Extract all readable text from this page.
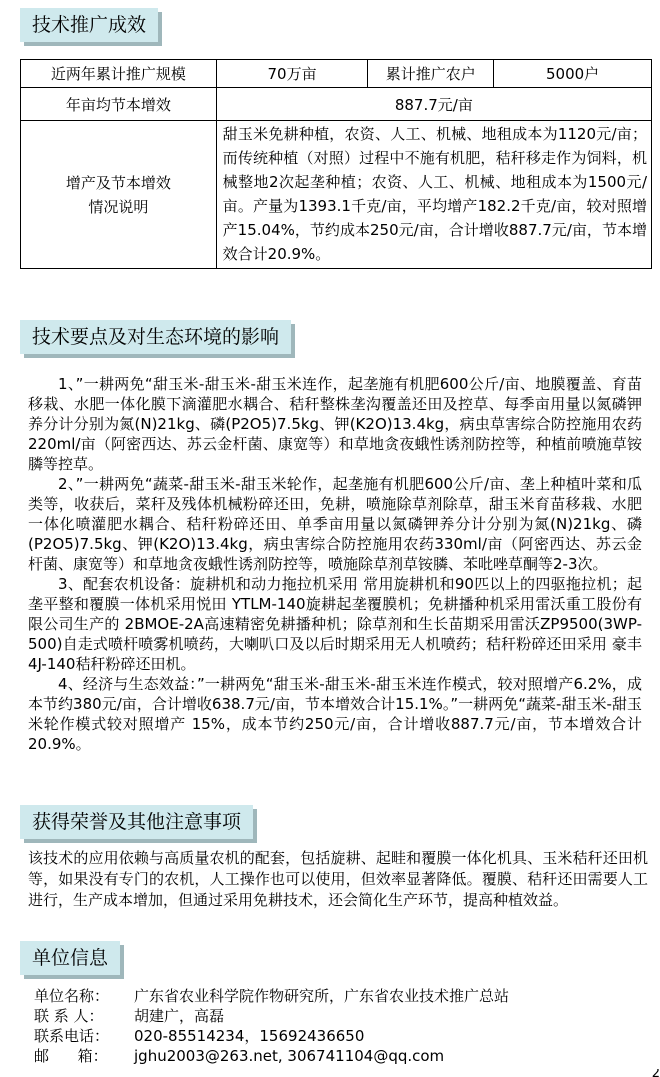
技术推广成效
近两年累计推广规模	70万亩	累计推广农户	5000户
年亩均节本增效	887.7元/亩		

增产及节本增效
情况说明	甜玉米免耕种植，农资、人工、机械、地租成本为1120元/亩；而传统种植（对照）过程中不施有机肥，秸秆移走作为饲料，机械整地2次起垄种植；农资、人工、机械、地租成本为1500元/亩。产量为1393.1千克/亩，平均增产182.2千克/亩，较对照增产15.04%，节约成本250元/亩，合计增收887.7元/亩，节本增效合计20.9%。		
技术要点及对生态环境的影响

1、”一耕两免“甜玉米-甜玉米-甜玉米连作，起垄施有机肥600公斤/亩、地膜覆盖、育苗移栽、水肥一体化膜下滴灌肥水耦合、秸秆整株垄沟覆盖还田及控草、每季亩用量以氮磷钾养分计分别为氮(N)21kg、磷(P2O5)7.5kg、钾(K2O)13.4kg，病虫草害综合防控施用农药220ml/亩（阿密西达、苏云金杆菌、康宽等）和草地贪夜蛾性诱剂防控等，种植前喷施草铵膦等控草。

2、”一耕两免“蔬菜-甜玉米-甜玉米轮作，起垄施有机肥600公斤/亩、垄上种植叶菜和瓜类等，收获后，菜秆及残体机械粉碎还田，免耕，喷施除草剂除草，甜玉米育苗移栽、水肥一体化喷灌肥水耦合、秸秆粉碎还田、单季亩用量以氮磷钾养分计分别为氮(N)21kg、磷(P2O5)7.5kg、钾(K2O)13.4kg，病虫害综合防控施用农药330ml/亩（阿密西达、苏云金杆菌、康宽等）和草地贪夜蛾性诱剂防控等，喷施除草剂草铵膦、苯吡唑草酮等2-3次。

3、配套农机设备：旋耕机和动力拖拉机采用 常用旋耕机和90匹以上的四驱拖拉机；起垄平整和覆膜一体机采用悦田 YTLM-140旋耕起垄覆膜机；免耕播种机采用雷沃重工股份有限公司生产的 2BMOE-2A高速精密免耕播种机；除草剂和生长苗期采用雷沃ZP9500(3WP-500)自走式喷杆喷雾机喷药，大喇叭口及以后时期采用无人机喷药；秸秆粉碎还田采用 豪丰4J-140秸秆粉碎还田机。

4、经济与生态效益：”一耕两免“甜玉米-甜玉米-甜玉米连作模式，较对照增产6.2%，成本节约380元/亩，合计增收638.7元/亩，节本增效合计15.1%。”一耕两免“蔬菜-甜玉米-甜玉米轮作模式较对照增产 15%，成本节约250元/亩，合计增收887.7元/亩，节本增效合计20.9%。

获得荣誉及其他注意事项
该技术的应用依赖与高质量农机的配套，包括旋耕、起畦和覆膜一体化机具、玉米秸秆还田机等，如果没有专门的农机，人工操作也可以使用，但效率显著降低。覆膜、秸秆还田需要人工进行，生产成本增加，但通过采用免耕技术，还会简化生产环节，提高种植效益。
单位信息
单位名称： 广东省农业科学院作物研究所，广东省农业技术推广总站
联 系 人： 胡建广，高磊
联系电话： 020-85514234，15692436650
邮      箱： jghu2003@263.net, 306741104@qq.com
2
